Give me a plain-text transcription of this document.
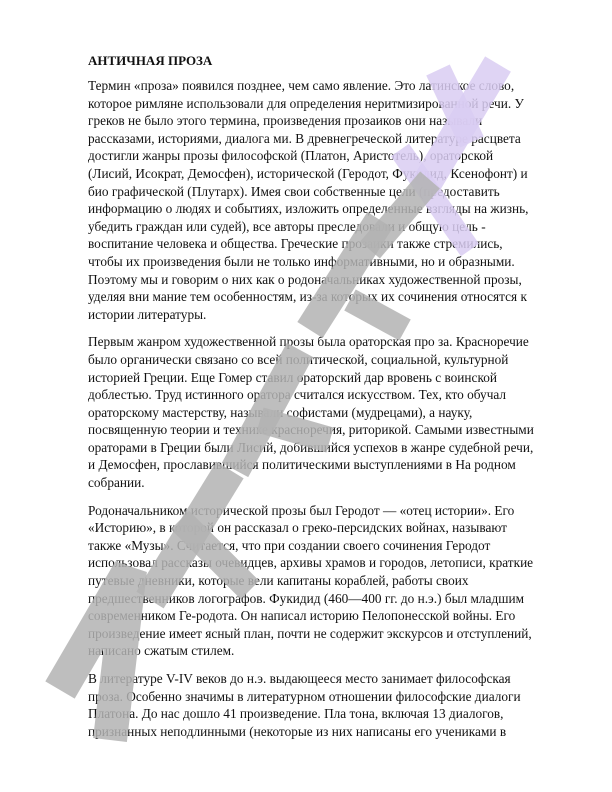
АНТИЧНАЯ ПРОЗА

Термин «проза» появился позднее, чем само явление. Это латинское слово, которое римляне использовали для определения неритмизированной речи. У греков не было этого термина, произведения прозаиков они называли рассказами, историями, диалога ми. В древнегреческой литературе расцвета достигли жанры прозы философской (Платон, Аристотель), ораторской (Лисий, Исократ, Демосфен), исторической (Геродот, Фукидид, Ксенофонт) и био графической (Плутарх). Имея свои собственные цели (предоставить информацию о людях и событиях, изложить определенные взгляды на жизнь, убедить граждан или судей), все авторы преследовали и общую цель - воспитание человека и общества. Греческие прозаики также стремились, чтобы их произведения были не только информативными, но и образными. Поэтому мы и говорим о них как о родоначальниках художественной прозы, уделяя вни мание тем особенностям, из-за которых их сочинения относятся к истории литературы.

Первым жанром художественной прозы была ораторская про за. Красноречие было органически связано со всей политической, социальной, культурной историей Греции. Еще Гомер ставил ораторский дар вровень с воинской доблестью. Труд истинного оратора считался искусством. Тех, кто обучал ораторскому мастерству, называли софистами (мудрецами), а науку, посвященную теории и технике красноречия, риторикой. Самыми известными ораторами в Греции были Лисий, добившийся успехов в жанре судебной речи, и Демосфен, прославившийся политическими выступлениями в На родном собрании.

Родоначальником исторической прозы был Геродот — «отец истории». Его «Историю», в которой он рассказал о греко-персидских войнах, называют также «Музы». Считается, что при создании своего сочинения Геродот использовал рассказы очевидцев, архивы храмов и городов, летописи, краткие путевые дневники, которые вели капитаны кораблей, работы своих предшественников логографов. Фукидид (460—400 гг. до н.э.) был младшим современником Ге-родота. Он написал историю Пелопонесской войны. Его произведение имеет ясный план, почти не содержит экскурсов и отступлений, написано сжатым стилем.

В литературе V-IV веков до н.э. выдающееся место занимает философская проза. Особенно значимы в литературном отношении философские диалоги Платона. До нас дошло 41 произведение. Пла тона, включая 13 диалогов, признанных неподлинными (некоторые из них написаны его учениками в
